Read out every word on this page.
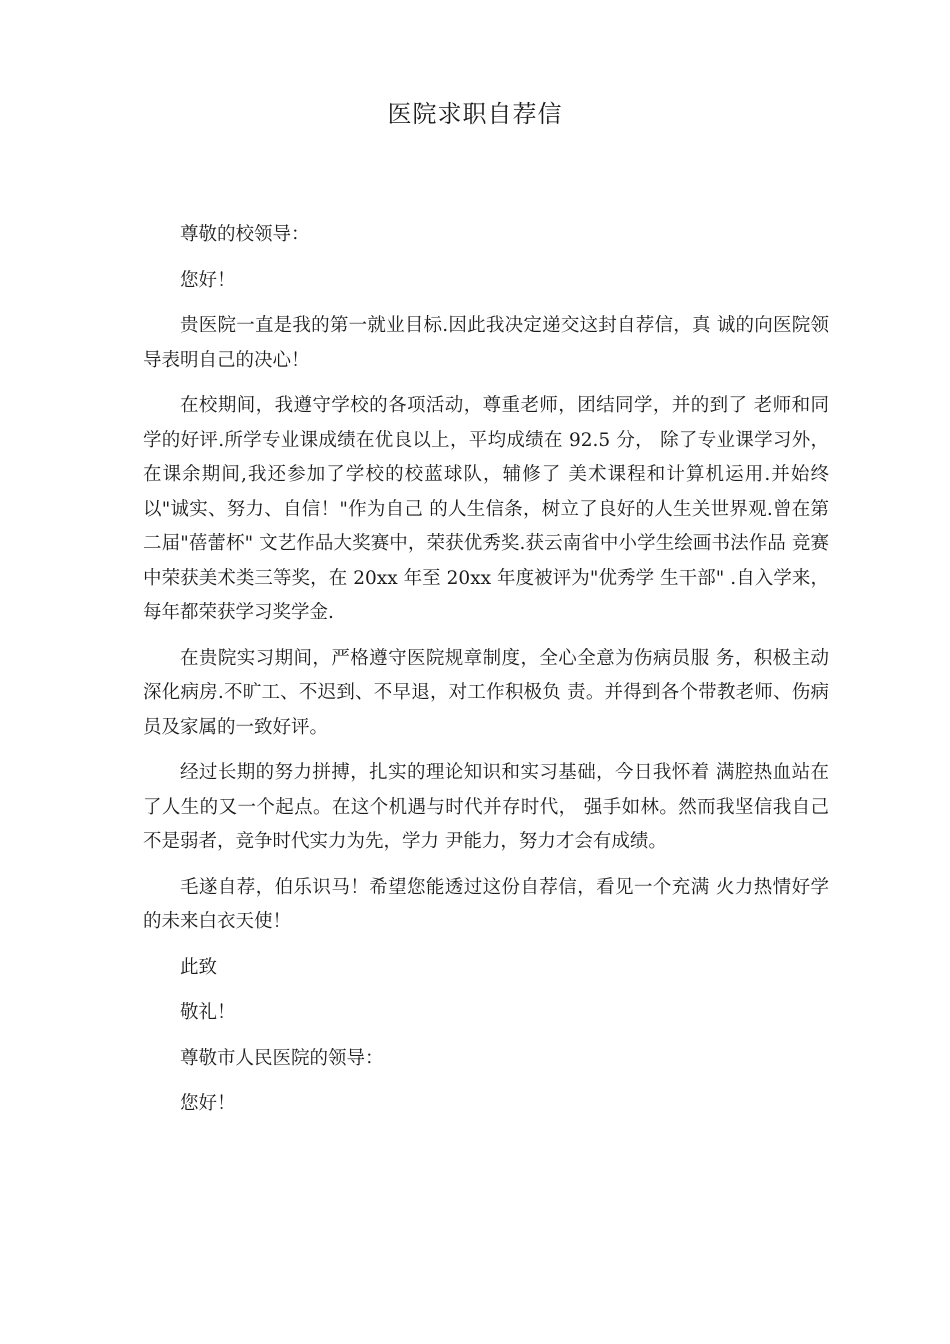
医院求职自荐信

尊敬的校领导：

您好！

贵医院一直是我的第一就业目标.因此我决定递交这封自荐信，真 诚的向医院领导表明自己的决心！

在校期间，我遵守学校的各项活动，尊重老师，团结同学，并的到了 老师和同学的好评.所学专业课成绩在优良以上，平均成绩在 92.5 分， 除了专业课学习外，在课余期间,我还参加了学校的校蓝球队，辅修了 美术课程和计算机运用.并始终以"诚实、努力、自信！"作为自己 的人生信条，树立了良好的人生关世界观.曾在第二届"蓓蕾杯" 文艺作品大奖赛中，荣获优秀奖.获云南省中小学生绘画书法作品 竞赛中荣获美术类三等奖，在 20xx 年至 20xx 年度被评为"优秀学 生干部" .自入学来，每年都荣获学习奖学金.

在贵院实习期间，严格遵守医院规章制度，全心全意为伤病员服 务，积极主动深化病房.不旷工、不迟到、不早退，对工作积极负 责。并得到各个带教老师、伤病员及家属的一致好评。

经过长期的努力拼搏，扎实的理论知识和实习基础，今日我怀着 满腔热血站在了人生的又一个起点。在这个机遇与时代并存时代， 强手如林。然而我坚信我自己不是弱者，竞争时代实力为先，学力 尹能力，努力才会有成绩。

毛遂自荐，伯乐识马！希望您能透过这份自荐信，看见一个充满 火力热情好学的未来白衣天使！

此致

敬礼！

尊敬市人民医院的领导：

您好！
